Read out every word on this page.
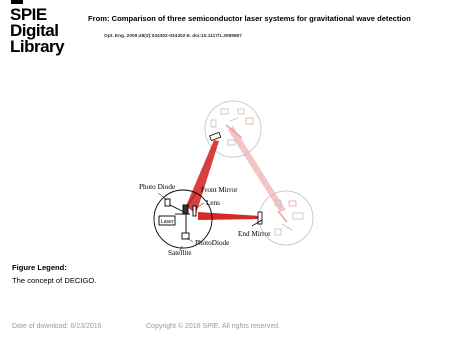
SPIE
Digital
Library
From: Comparison of three semiconductor laser systems for gravitational wave detection
Opt. Eng. 2009;48(3):034302-034302-8. doi:10.1117/1.3089887
Photo Diode	Front Mirror
Lens
End Mirror
PhotoDiode
Satellite
Laser
Figure Legend:
The concept of DECIGO.
Date of download: 6/23/2016	Copyright © 2016 SPIE. All rights reserved.
